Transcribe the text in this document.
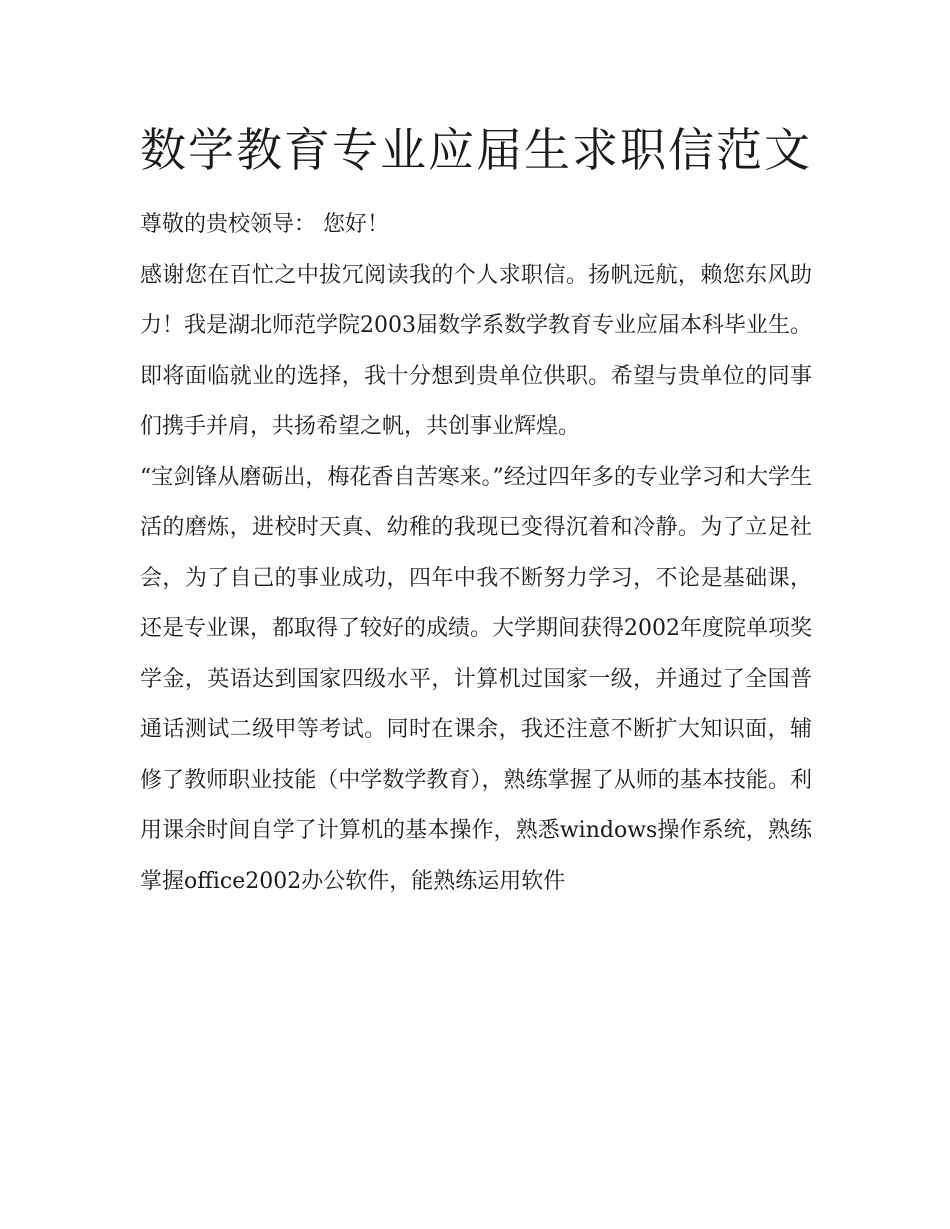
数学教育专业应届生求职信范文

尊敬的贵校领导： 您好！

感谢您在百忙之中拔冗阅读我的个人求职信。扬帆远航，赖您东风助力！我是湖北师范学院2003届数学系数学教育专业应届本科毕业生。即将面临就业的选择，我十分想到贵单位供职。希望与贵单位的同事们携手并肩，共扬希望之帆，共创事业辉煌。

“宝剑锋从磨砺出，梅花香自苦寒来。”经过四年多的专业学习和大学生活的磨炼，进校时天真、幼稚的我现已变得沉着和冷静。为了立足社会，为了自己的事业成功，四年中我不断努力学习，不论是基础课，还是专业课，都取得了较好的成绩。大学期间获得2002年度院单项奖学金，英语达到国家四级水平，计算机过国家一级，并通过了全国普通话测试二级甲等考试。同时在课余，我还注意不断扩大知识面，辅修了教师职业技能（中学数学教育），熟练掌握了从师的基本技能。利用课余时间自学了计算机的基本操作，熟悉windows操作系统，熟练掌握office2002办公软件，能熟练运用软件
